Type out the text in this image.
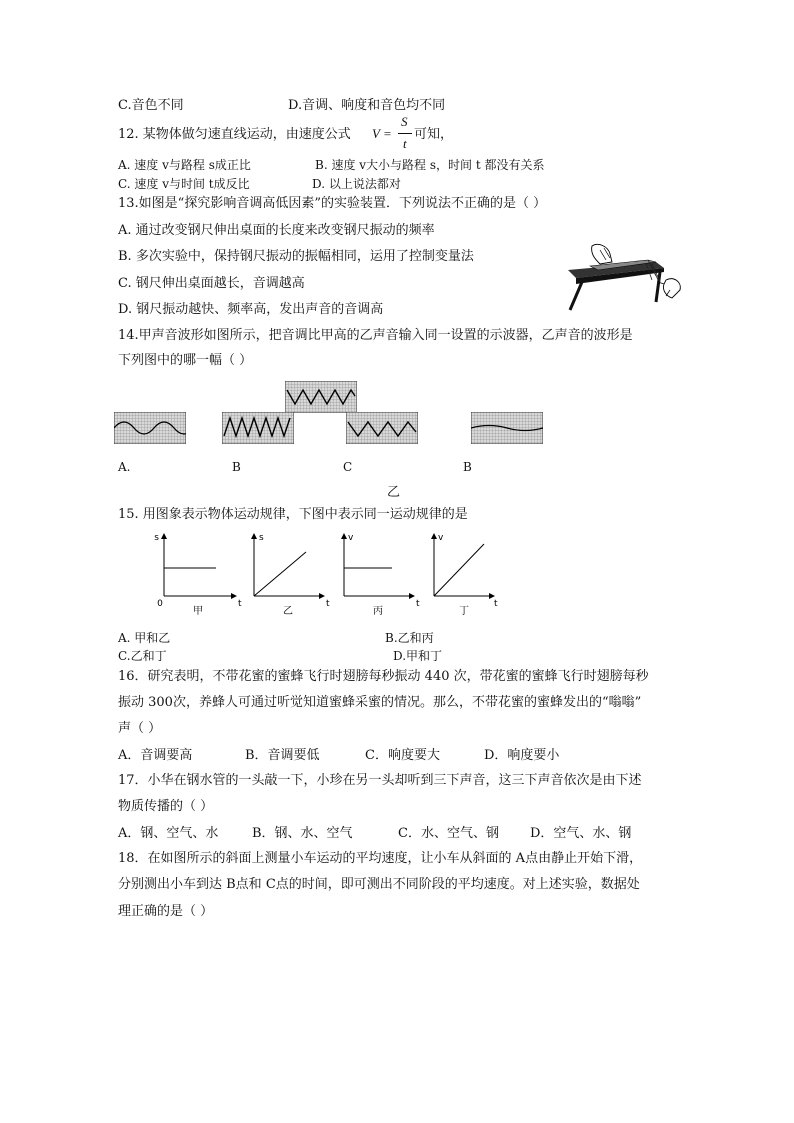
C.音色不同	D.音调、响度和音色均不同
12. 某物体做匀速直线运动，由速度公式 V =
S
t
可知，
A. 速度 v与路程 s成正比	B. 速度 v大小与路程 s，时间 t 都没有关系
C. 速度 v与时间 t成反比	D. 以上说法都对
13.如图是“探究影响音调高低因素”的实验装置．下列说法不正确的是（ ）
A. 通过改变钢尺伸出桌面的长度来改变钢尺振动的频率
B. 多次实验中，保持钢尺振动的振幅相同，运用了控制变量法
C. 钢尺伸出桌面越长，音调越高
D. 钢尺振动越快、频率高，发出声音的音调高
14.甲声音波形如图所示，把音调比甲高的乙声音输入同一设置的示波器，乙声音的波形是
下列图中的哪一幅（ ）
A.	B	C	B
乙
15. 用图象表示物体运动规律，下图中表示同一运动规律的是
s
t
0
甲
s
t
乙
v
t
丙
v
t
丁
A. 甲和乙	B.乙和丙
C.乙和丁	D.甲和丁
16．研究表明，不带花蜜的蜜蜂飞行时翅膀每秒振动 440 次，带花蜜的蜜蜂飞行时翅膀每秒
振动 300次，养蜂人可通过听觉知道蜜蜂采蜜的情况。那么，不带花蜜的蜜蜂发出的“嗡嗡”
声（ ）
A．音调要高	B．音调要低	C．响度要大	D．响度要小
17．小华在钢水管的一头敲一下，小珍在另一头却听到三下声音，这三下声音依次是由下述
物质传播的（ ）
A．钢、空气、水	B．钢、水、空气	C．水、空气、钢 D．空气、水、钢
18．在如图所示的斜面上测量小车运动的平均速度，让小车从斜面的 A点由静止开始下滑，
分别测出小车到达 B点和 C点的时间，即可测出不同阶段的平均速度。对上述实验，数据处
理正确的是（ ）
